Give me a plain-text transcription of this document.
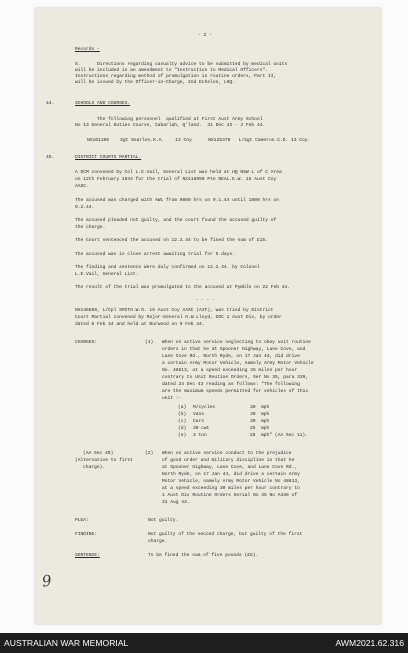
- 2 -
Records -
5.      Directions regarding casualty advice to be submitted by medical units
will be included in an amendment to "Instruction to Medical Officers".
Instructions regarding method of promulgation in routine orders, Part II,
will be issued by the Officer-in-Charge, 2nd Echelon, LHQ.
44.	SCHOOLS AND COURSES.
The following personnel  qualified at First Aust Army School
No 13 General Duties Course, Cabarlah, Q'land.  31 Dec 43 - 3 Feb 44.
NX101106    Sgt Searles.K.A.    13 Coy      NX125379   L/Sgt Cameron.C.D. 13 Coy.
45.	DISTRICT COURTS MARTIAL.
A DCM convened by Col L.E.Vail, General List was held at HQ NSW L of C Area
on 12th February 1944 for the trial of NX118990 Pte NEAL.E.W. 15 Aust Coy
AASC.
The accused was charged with AWL from 0800 hrs on 9.1.44 until 1800 hrs on
9.2.44.
The accused pleaded not guilty, and the court found the accused guilty of
the charge.
The Court sentenced the accused on 12.2.44 to be fined the sum of £15.
The accused was in close arrest awaiting trial for 5 days.
The finding and sentence were duly confirmed on 12.2.44. by Colonel
L.E.Vail, General List.
The result of the trial was promulgated to the accused at Pymble on 22 Feb 44.
- - - -
NX146669, L/Cpl SMITH.W.O. 15 Aust Coy AASC (AIF), was tried by District
Court Martial convened by Major-General H.W.Lloyd, GOC 1 Aust Div, by order
dated 6 Feb 44 and held at Burwood on 9 Feb 44.
CHARGES:	(1) When on active service neglecting to obey unit routine
orders in that he at Spooner Highway, Lane Cove, and
Lane Cove Rd., North Ryde, on 17 Jan 44, did drive
a certain Army Motor Vehicle, namely Army Motor Vehicle
No. 48613, at a speed exceeding 25 miles per hour
contrary to Unit Routine Orders, Ser No 35, para 339,
dated 24 Dec 43 reading as follows: "The following
are the maximum speeds permitted for vehicles of this
unit :-
(a) M/cycles	30  mph
(b) Vans	30  mph
(c) Cars	30  mph
(d) 30 cwt	25  mph
(e) 3 ton	25  mph" (AA Sec 11).
(AA Sec 40)
(Alternative to first
charge).
(2) When on active service conduct to the prejudice
of good order and military discipline in that he
at Spooner Highway, Lane Cove, and Lane Cove Rd.,
North Ryde, on 17 Jan 44, did drive a certain Army
Motor Vehicle, namely Army Motor Vehicle No 48613,
at a speed exceeding 30 miles per hour contrary to
1 Aust Div Routine Orders Serial No 35 No A438 of
31 Aug 43.
PLEA:	Not guilty.
FINDING:	Not guilty of the second charge, but guilty of the first
charge.
SENTENCE:	To be fined the sum of five pounds (£5).
9
AUSTRALIAN WAR MEMORIAL	AWM2021.62.316
